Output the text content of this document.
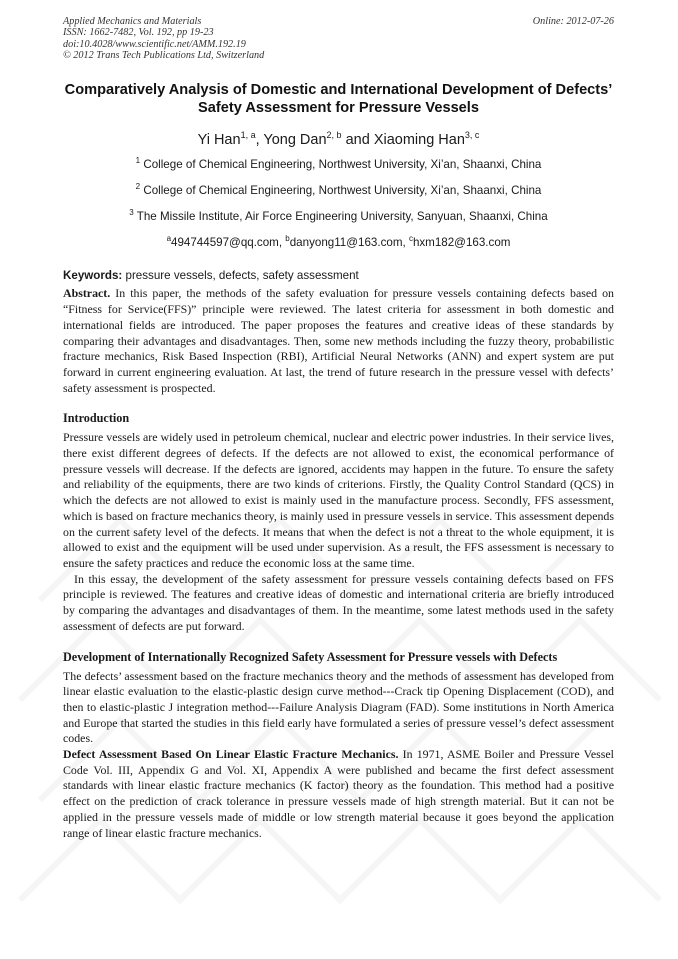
Applied Mechanics and Materials
ISSN: 1662-7482, Vol. 192, pp 19-23
doi:10.4028/www.scientific.net/AMM.192.19
© 2012 Trans Tech Publications Ltd, Switzerland
Online: 2012-07-26
Comparatively Analysis of Domestic and International Development of Defects’ Safety Assessment for Pressure Vessels
Yi Han$^{1, a}$, Yong Dan$^{2, b}$ and Xiaoming Han$^{3, c}$
$^1$ College of Chemical Engineering, Northwest University, Xi’an, Shaanxi, China
$^2$ College of Chemical Engineering, Northwest University, Xi’an, Shaanxi, China
$^3$ The Missile Institute, Air Force Engineering University, Sanyuan, Shaanxi, China
$^a$494744597@qq.com, $^b$danyong11@163.com, $^c$hxm182@163.com
Keywords: pressure vessels, defects, safety assessment

Abstract. In this paper, the methods of the safety evaluation for pressure vessels containing defects based on “Fitness for Service(FFS)” principle were reviewed. The latest criteria for assessment in both domestic and international fields are introduced. The paper proposes the features and creative ideas of these standards by comparing their advantages and disadvantages. Then, some new methods including the fuzzy theory, probabilistic fracture mechanics, Risk Based Inspection (RBI), Artificial Neural Networks (ANN) and expert system are put forward in current engineering evaluation. At last, the trend of future research in the pressure vessel with defects’ safety assessment is prospected.

Introduction

Pressure vessels are widely used in petroleum chemical, nuclear and electric power industries. In their service lives, there exist different degrees of defects. If the defects are not allowed to exist, the economical performance of pressure vessels will decrease. If the defects are ignored, accidents may happen in the future. To ensure the safety and reliability of the equipments, there are two kinds of criterions. Firstly, the Quality Control Standard (QCS) in which the defects are not allowed to exist is mainly used in the manufacture process. Secondly, FFS assessment, which is based on fracture mechanics theory, is mainly used in pressure vessels in service. This assessment depends on the current safety level of the defects. It means that when the defect is not a threat to the whole equipment, it is allowed to exist and the equipment will be used under supervision. As a result, the FFS assessment is necessary to ensure the safety practices and reduce the economic loss at the same time.

In this essay, the development of the safety assessment for pressure vessels containing defects based on FFS principle is reviewed. The features and creative ideas of domestic and international criteria are briefly introduced by comparing the advantages and disadvantages of them. In the meantime, some latest methods used in the safety assessment of defects are put forward.

Development of Internationally Recognized Safety Assessment for Pressure vessels with Defects

The defects’ assessment based on the fracture mechanics theory and the methods of assessment has developed from linear elastic evaluation to the elastic-plastic design curve method---Crack tip Opening Displacement (COD), and then to elastic-plastic J integration method---Failure Analysis Diagram (FAD). Some institutions in North America and Europe that started the studies in this field early have formulated a series of pressure vessel’s defect assessment codes.

Defect Assessment Based On Linear Elastic Fracture Mechanics. In 1971, ASME Boiler and Pressure Vessel Code Vol. III, Appendix G and Vol. XI, Appendix A were published and became the first defect assessment standards with linear elastic fracture mechanics (K factor) theory as the foundation. This method had a positive effect on the prediction of crack tolerance in pressure vessels made of high strength material. But it can not be applied in the pressure vessels made of middle or low strength material because it goes beyond the application range of linear elastic fracture mechanics.
